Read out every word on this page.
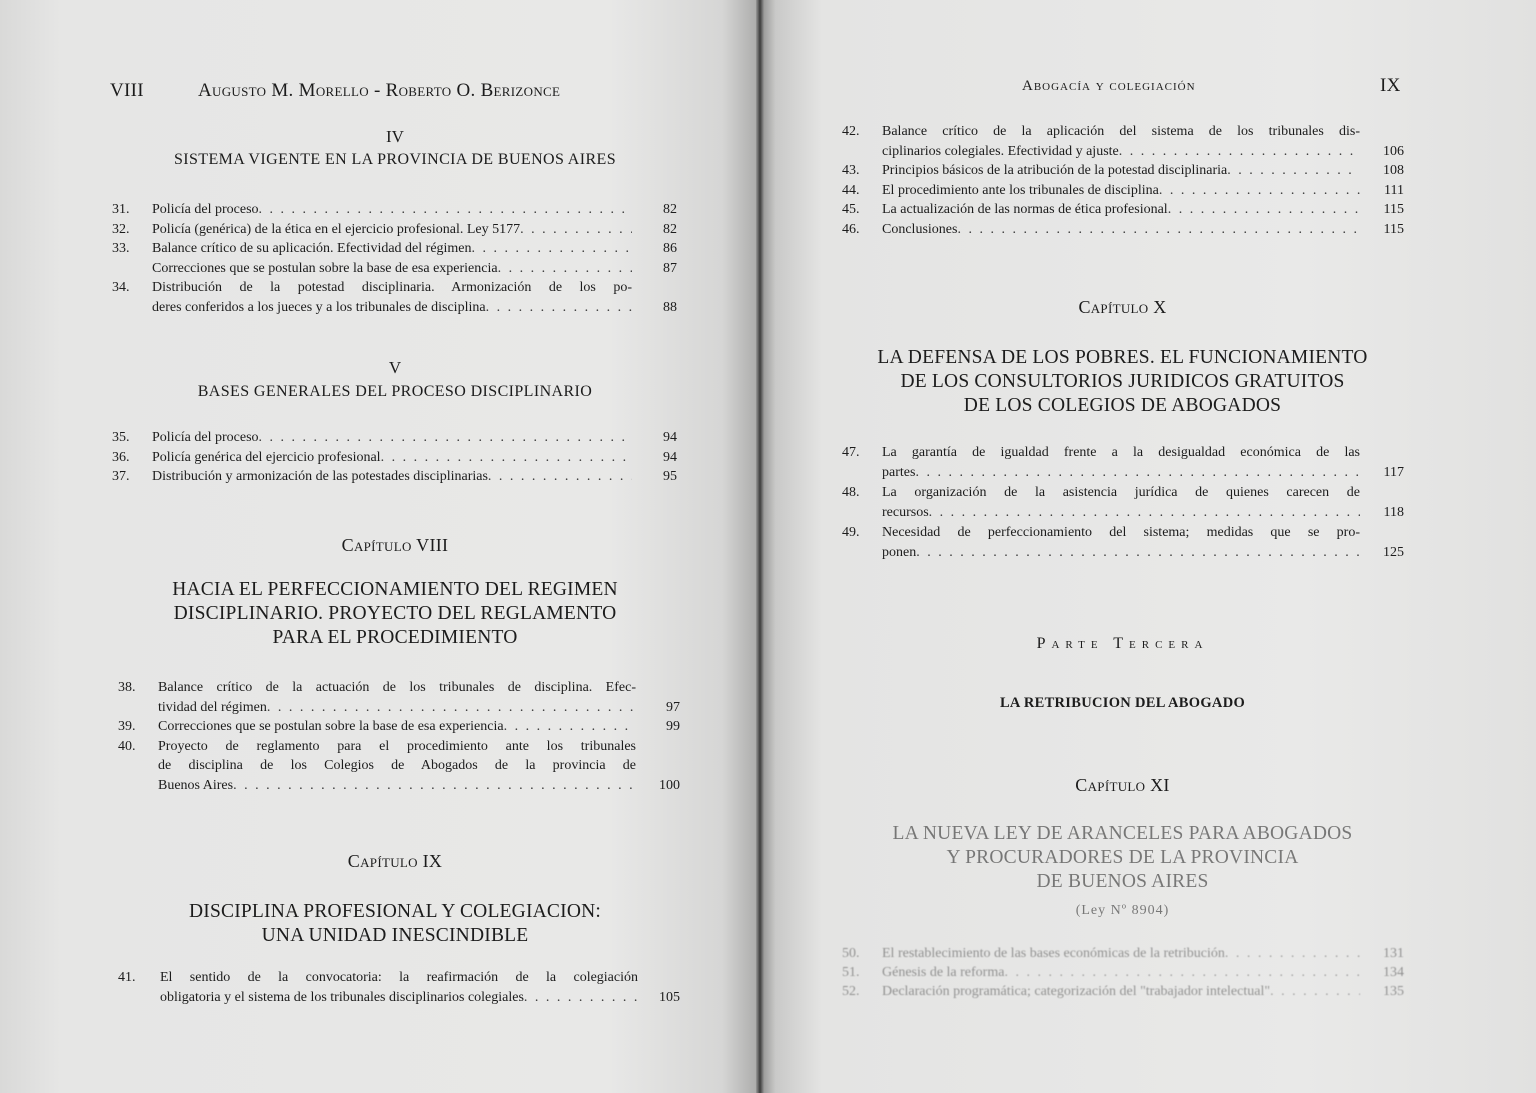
VIII	Augusto M. Morello - Roberto O. Berizonce
IV
SISTEMA VIGENTE EN LA PROVINCIA DE BUENOS AIRES
31. Policía del proceso . . .	82
32. Policía (genérica) de la ética en el ejercicio profesional. Ley 5177 . . .	82
33. Balance crítico de su aplicación. Efectividad del régimen . . .	86
Correcciones que se postulan sobre la base de esa experiencia . . .	87
34. Distribución de la potestad disciplinaria. Armonización de los po-
deres conferidos a los jueces y a los tribunales de disciplina . . .	88
V
BASES GENERALES DEL PROCESO DISCIPLINARIO
35. Policía del proceso . . .	94
36. Policía genérica del ejercicio profesional . . .	94
37. Distribución y armonización de las potestades disciplinarias . . .	95
Capítulo VIII
HACIA EL PERFECCIONAMIENTO DEL REGIMEN
DISCIPLINARIO. PROYECTO DEL REGLAMENTO
PARA EL PROCEDIMIENTO
38. Balance crítico de la actuación de los tribunales de disciplina. Efec-
tividad del régimen . . .	97
39. Correcciones que se postulan sobre la base de esa experiencia . . .	99
40. Proyecto de reglamento para el procedimiento ante los tribunales
de disciplina de los Colegios de Abogados de la provincia de
Buenos Aires . . .	100
Capítulo IX
DISCIPLINA PROFESIONAL Y COLEGIACION:
UNA UNIDAD INESCINDIBLE
41. El sentido de la convocatoria: la reafirmación de la colegiación
obligatoria y el sistema de los tribunales disciplinarios colegiales . . .	105
Abogacía y colegiación	IX
42. Balance crítico de la aplicación del sistema de los tribunales dis-
ciplinarios colegiales. Efectividad y ajuste . . .	106
43. Principios básicos de la atribución de la potestad disciplinaria . . .	108
44. El procedimiento ante los tribunales de disciplina . . .	111
45. La actualización de las normas de ética profesional . . .	115
46. Conclusiones . . .	115
Capítulo X
LA DEFENSA DE LOS POBRES. EL FUNCIONAMIENTO
DE LOS CONSULTORIOS JURIDICOS GRATUITOS
DE LOS COLEGIOS DE ABOGADOS
47. La garantía de igualdad frente a la desigualdad económica de las
partes . . .	117
48. La organización de la asistencia jurídica de quienes carecen de
recursos . . .	118
49. Necesidad de perfeccionamiento del sistema; medidas que se pro-
ponen . . .	125
Parte Tercera
LA RETRIBUCION DEL ABOGADO
Capítulo XI
LA NUEVA LEY DE ARANCELES PARA ABOGADOS
Y PROCURADORES DE LA PROVINCIA
DE BUENOS AIRES
(Ley Nº 8904)
50. El restablecimiento de las bases económicas de la retribución . . .	131
51. Génesis de la reforma . . .	134
52. Declaración programática; categorización del "trabajador intelectual" . . .	135
